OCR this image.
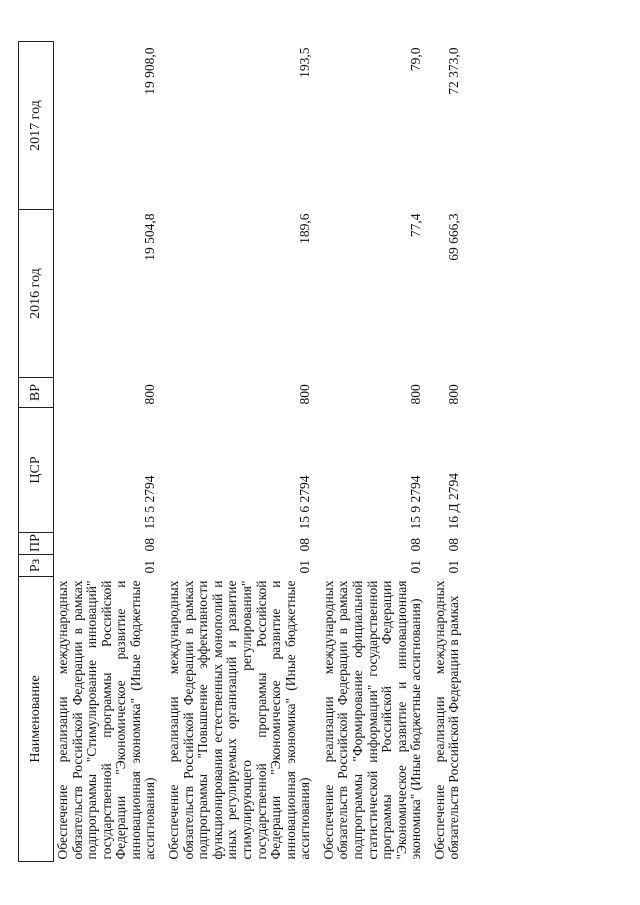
Наименование	Рз	ПР	ЦСР	ВР	2016 год	2017 год
Обеспечение реализации международных обязательств Российской Федерации в рамках подпрограммы "Стимулирование инноваций" государственной программы Российской Федерации "Экономическое развитие и инновационная экономика" (Иные бюджетные ассигнования)	01	08	15 5 2794	800	19 504,8	19 908,0
Обеспечение реализации международных обязательств Российской Федерации в рамках подпрограммы "Повышение эффективности функционирования естественных монополий и иных регулируемых организаций и развитие стимулирующего регулирования" государственной программы Российской Федерации "Экономическое развитие и инновационная экономика" (Иные бюджетные ассигнования)	01	08	15 6 2794	800	189,6	193,5
Обеспечение реализации международных обязательств Российской Федерации в рамках подпрограммы "Формирование официальной статистической информации" государственной программы Российской Федерации "Экономическое развитие и инновационная экономика" (Иные бюджетные ассигнования)	01	08	15 9 2794	800	77,4	79,0
Обеспечение реализации международных обязательств Российской Федерации в рамках	01	08	16 Д 2794	800	69 666,3	72 373,0
